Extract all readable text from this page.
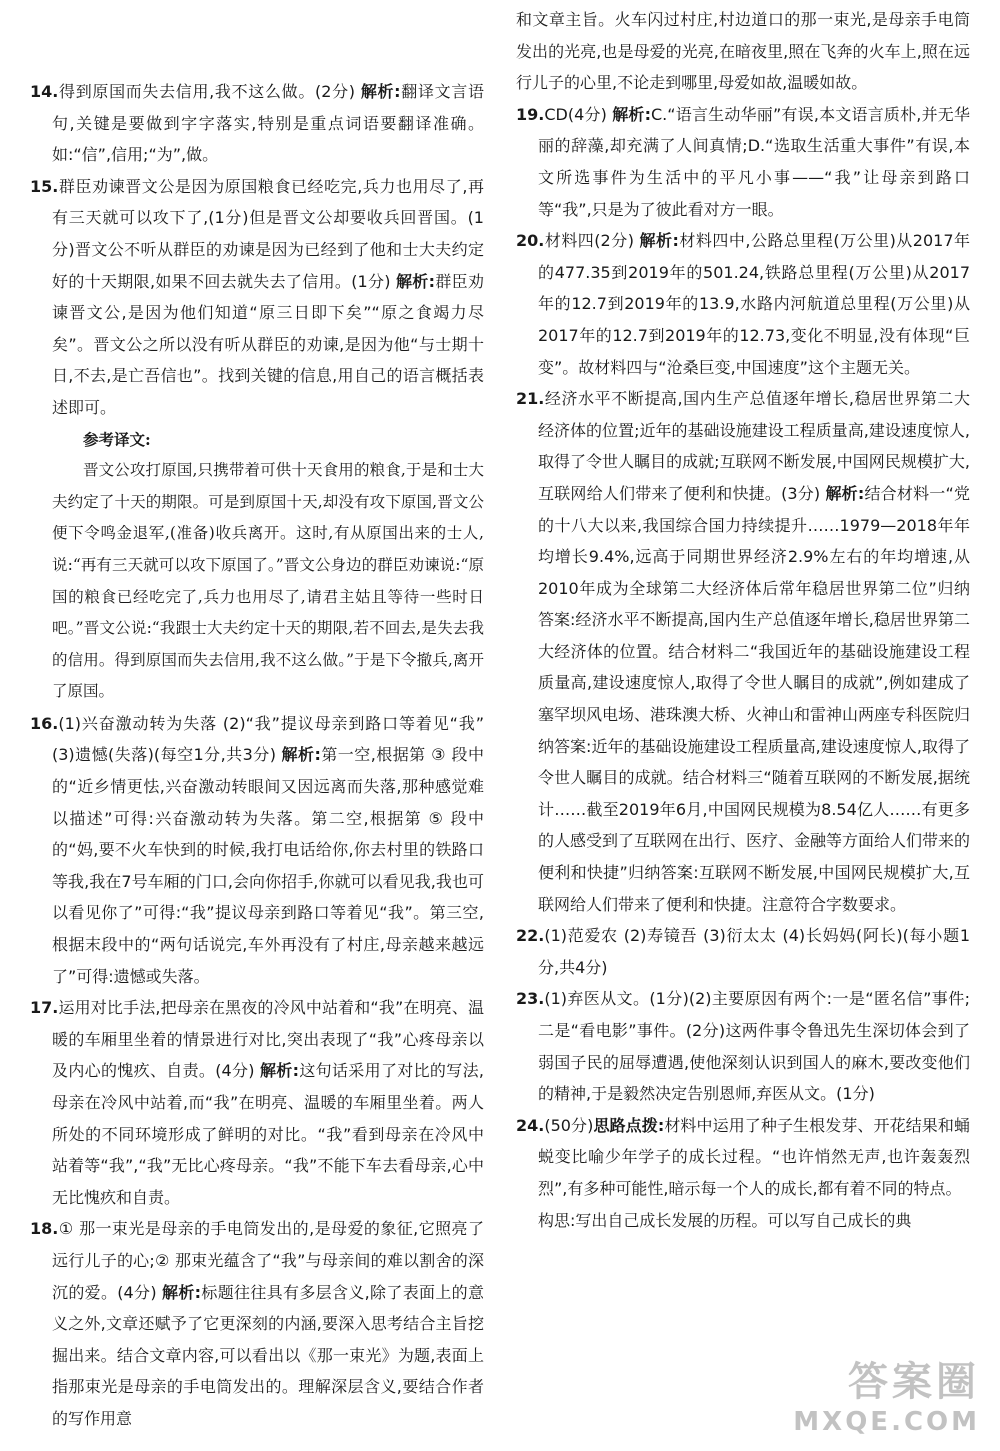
14.得到原国而失去信用,我不这么做。(2分) 解析:翻译文言语句,关键是要做到字字落实,特别是重点词语要翻译准确。如:“信”,信用;“为”,做。

15.群臣劝谏晋文公是因为原国粮食已经吃完,兵力也用尽了,再有三天就可以攻下了,(1分)但是晋文公却要收兵回晋国。(1分)晋文公不听从群臣的劝谏是因为已经到了他和士大夫约定好的十天期限,如果不回去就失去了信用。(1分) 解析:群臣劝谏晋文公,是因为他们知道“原三日即下矣”“原之食竭力尽矣”。晋文公之所以没有听从群臣的劝谏,是因为他“与士期十日,不去,是亡吾信也”。找到关键的信息,用自己的语言概括表述即可。

参考译文:

晋文公攻打原国,只携带着可供十天食用的粮食,于是和士大夫约定了十天的期限。可是到原国十天,却没有攻下原国,晋文公便下令鸣金退军,(准备)收兵离开。这时,有从原国出来的士人,说:“再有三天就可以攻下原国了。”晋文公身边的群臣劝谏说:“原国的粮食已经吃完了,兵力也用尽了,请君主姑且等待一些时日吧。”晋文公说:“我跟士大夫约定十天的期限,若不回去,是失去我的信用。得到原国而失去信用,我不这么做。”于是下令撤兵,离开了原国。

16.(1)兴奋激动转为失落 (2)“我”提议母亲到路口等着见“我” (3)遗憾(失落)(每空1分,共3分) 解析:第一空,根据第 ③ 段中的“近乡情更怯,兴奋激动转眼间又因远离而失落,那种感觉难以描述”可得:兴奋激动转为失落。第二空,根据第 ⑤ 段中的“妈,要不火车快到的时候,我打电话给你,你去村里的铁路口等我,我在7号车厢的门口,会向你招手,你就可以看见我,我也可以看见你了”可得:“我”提议母亲到路口等着见“我”。第三空,根据末段中的“两句话说完,车外再没有了村庄,母亲越来越远了”可得:遗憾或失落。

17.运用对比手法,把母亲在黑夜的冷风中站着和“我”在明亮、温暖的车厢里坐着的情景进行对比,突出表现了“我”心疼母亲以及内心的愧疚、自责。(4分) 解析:这句话采用了对比的写法,母亲在冷风中站着,而“我”在明亮、温暖的车厢里坐着。两人所处的不同环境形成了鲜明的对比。“我”看到母亲在冷风中站着等“我”,“我”无比心疼母亲。“我”不能下车去看母亲,心中无比愧疚和自责。

18.① 那一束光是母亲的手电筒发出的,是母爱的象征,它照亮了远行儿子的心;② 那束光蕴含了“我”与母亲间的难以割舍的深沉的爱。(4分) 解析:标题往往具有多层含义,除了表面上的意义之外,文章还赋予了它更深刻的内涵,要深入思考结合主旨挖掘出来。结合文章内容,可以看出以《那一束光》为题,表面上指那束光是母亲的手电筒发出的。理解深层含义,要结合作者的写作用意

和文章主旨。火车闪过村庄,村边道口的那一束光,是母亲手电筒发出的光亮,也是母爱的光亮,在暗夜里,照在飞奔的火车上,照在远行儿子的心里,不论走到哪里,母爱如故,温暖如故。

19.CD(4分) 解析:C.“语言生动华丽”有误,本文语言质朴,并无华丽的辞藻,却充满了人间真情;D.“选取生活重大事件”有误,本文所选事件为生活中的平凡小事——“我”让母亲到路口等“我”,只是为了彼此看对方一眼。

20.材料四(2分) 解析:材料四中,公路总里程(万公里)从2017年的477.35到2019年的501.24,铁路总里程(万公里)从2017年的12.7到2019年的13.9,水路内河航道总里程(万公里)从2017年的12.7到2019年的12.73,变化不明显,没有体现“巨变”。故材料四与“沧桑巨变,中国速度”这个主题无关。

21.经济水平不断提高,国内生产总值逐年增长,稳居世界第二大经济体的位置;近年的基础设施建设工程质量高,建设速度惊人,取得了令世人瞩目的成就;互联网不断发展,中国网民规模扩大,互联网给人们带来了便利和快捷。(3分) 解析:结合材料一“党的十八大以来,我国综合国力持续提升……1979—2018年年均增长9.4%,远高于同期世界经济2.9%左右的年均增速,从2010年成为全球第二大经济体后常年稳居世界第二位”归纳答案:经济水平不断提高,国内生产总值逐年增长,稳居世界第二大经济体的位置。结合材料二“我国近年的基础设施建设工程质量高,建设速度惊人,取得了令世人瞩目的成就”,例如建成了塞罕坝风电场、港珠澳大桥、火神山和雷神山两座专科医院归纳答案:近年的基础设施建设工程质量高,建设速度惊人,取得了令世人瞩目的成就。结合材料三“随着互联网的不断发展,据统计……截至2019年6月,中国网民规模为8.54亿人……有更多的人感受到了互联网在出行、医疗、金融等方面给人们带来的便利和快捷”归纳答案:互联网不断发展,中国网民规模扩大,互联网给人们带来了便利和快捷。注意符合字数要求。

22.(1)范爱农 (2)寿镜吾 (3)衍太太 (4)长妈妈(阿长)(每小题1分,共4分)

23.(1)弃医从文。(1分)(2)主要原因有两个:一是“匿名信”事件;二是“看电影”事件。(2分)这两件事令鲁迅先生深切体会到了弱国子民的屈辱遭遇,使他深刻认识到国人的麻木,要改变他们的精神,于是毅然决定告别恩师,弃医从文。(1分)

24.(50分)思路点拨:材料中运用了种子生根发芽、开花结果和蛹蜕变比喻少年学子的成长过程。“也许悄然无声,也许轰轰烈烈”,有多种可能性,暗示每一个人的成长,都有着不同的特点。

构思:写出自己成长发展的历程。可以写自己成长的典

答案圈
MXQE.COM
